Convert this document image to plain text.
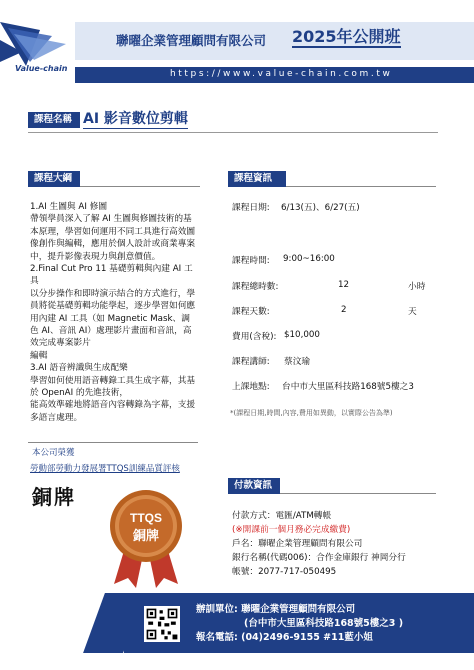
Value-chain
聯曜企業管理顧問有限公司 2025年公開班
https://www.value-chain.com.tw
課程名稱 AI 影音數位剪輯
課程大綱
1.AI 生圖與 AI 修圖
帶領學員深入了解 AI 生圖與修圖技術的基
本原理，學習如何運用不同工具進行高效圖
像創作與編輯，應用於個人設計或商業專案
中，提升影像表現力與創意價值。
2.Final Cut Pro 11 基礎剪輯與內建 AI 工
具
以分步操作和即時演示結合的方式進行，學
員將從基礎剪輯功能學起，逐步學習如何應
用內建 AI 工具（如 Magnetic Mask、調
色 AI、音訊 AI）處理影片畫面和音訊，高
效完成專案影片
編輯
3.AI 語音辨識與生成配樂
學習如何使用語音轉錄工具生成字幕，其基
於 OpenAI 的先進技術，
能高效準確地將語音內容轉錄為字幕，支援
多語言處理。
課程資訊
課程日期: 6/13(五)、6/27(五)
課程時間: 9:00~16:00
課程總時數:	12	小時
課程天數:	2	天
費用(含稅): $10,000
課程講師: 蔡汶瑜
上課地點: 台中市大里區科技路168號5樓之3
*(課程日期,時間,內容,費用如異動，以實際公告為準)
本公司榮獲
勞動部勞動力發展署TTQS訓練品質評核
銅牌
TTQS
銅牌
付款資訊
付款方式：電匯/ATM轉帳
(※開課前一個月務必完成繳費)
戶名：聯曜企業管理顧問有限公司
銀行名稱(代碼006)：合作金庫銀行 神岡分行
帳號：2077-717-050495
辦訓單位: 聯曜企業管理顧問有限公司
(台中市大里區科技路168號5樓之3 )
報名電話: (04)2496-9155 #11藍小姐
